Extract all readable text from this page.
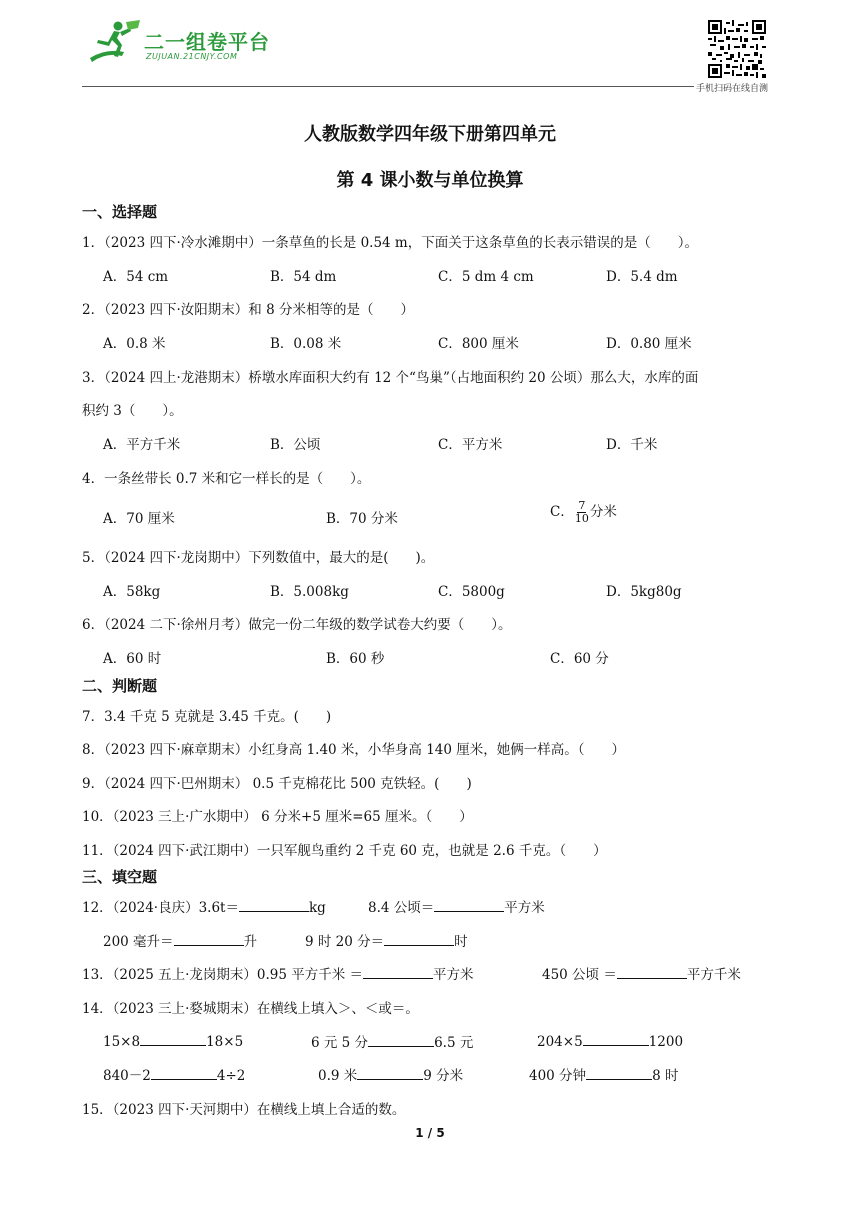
二一组卷平台
ZUJUAN.21CNJY.COM
手机扫码在线自测
人教版数学四年级下册第四单元
第 4 课小数与单位换算
一、选择题
1．（2023 四下·冷水滩期中）一条草鱼的长是 0.54 m，下面关于这条草鱼的长表示错误的是（　　）。
A．54 cm	B．54 dm	C．5 dm 4 cm	D．5.4 dm
2．（2023 四下·汝阳期末）和 8 分米相等的是（　　）
A．0.8 米	B．0.08 米	C．800 厘米	D．0.80 厘米
3．（2024 四上·龙港期末）桥墩水库面积大约有 12 个“鸟巢”（占地面积约 20 公顷）那么大，水库的面
积约 3（　　）。
A．平方千米	B．公顷	C．平方米	D．千米
4．一条丝带长 0.7 米和它一样长的是（　　）。
A．70 厘米	B．70 分米	C． $\frac{7}{10}$ 分米
5．（2024 四下·龙岗期中）下列数值中，最大的是(　　)。
A．58kg	B．5.008kg	C．5800g	D．5kg80g
6．（2024 二下·徐州月考）做完一份二年级的数学试卷大约要（　　）。
A．60 时	B．60 秒	C．60 分
二、判断题
7．3.4 千克 5 克就是 3.45 千克。(　　)
8．（2023 四下·麻章期末）小红身高 1.40 米，小华身高 140 厘米，她俩一样高。（　　）
9．（2024 四下·巴州期末） 0.5 千克棉花比 500 克铁轻。(　　)
10．（2023 三上·广水期中） 6 分米+5 厘米=65 厘米。（　　）
11．（2024 四下·武江期中）一只军舰鸟重约 2 千克 60 克，也就是 2.6 千克。（　　）
三、填空题
12．（2024·良庆）3.6t＝	kg	8.4 公顷＝	平方米
200 毫升＝	升	9 时 20 分＝	时
13．（2025 五上·龙岗期末）0.95 平方千米 ＝	平方米	450 公顷 ＝	平方千米
14．（2023 三上·婺城期末）在横线上填入＞、＜或＝。
15×8	18×5	6 元 5 分	6.5 元	204×5	1200
840－2	4÷2	0.9 米	9 分米	400 分钟	8 时
15．（2023 四下·天河期中）在横线上填上合适的数。
1 / 5
